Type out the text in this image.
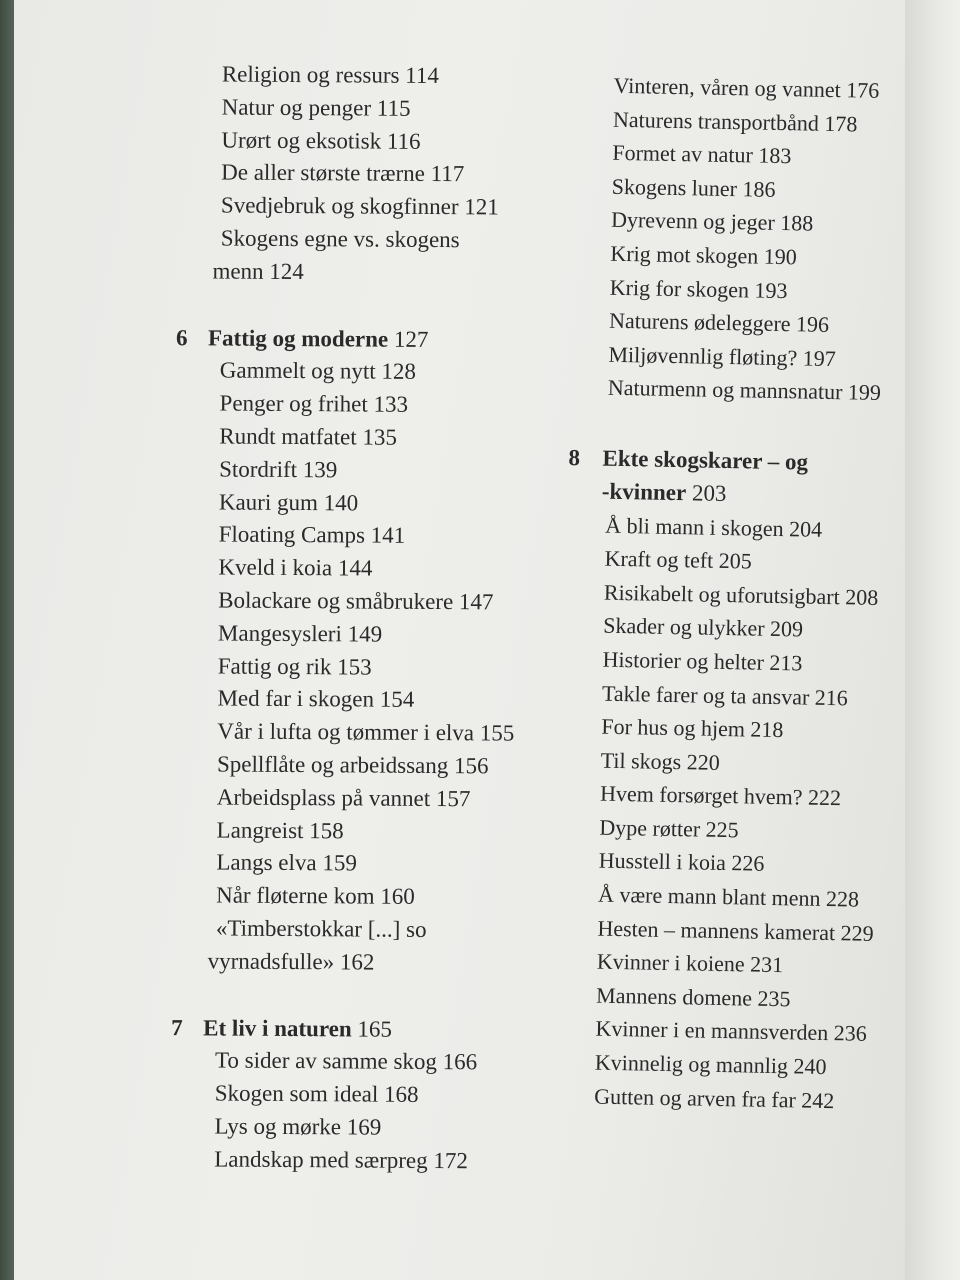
Religion og ressurs 114
Natur og penger 115
Urørt og eksotisk 116
De aller største trærne 117
Svedjebruk og skogfinner 121
Skogens egne vs. skogens
menn 124
6 Fattig og moderne 127
Gammelt og nytt 128
Penger og frihet 133
Rundt matfatet 135
Stordrift 139
Kauri gum 140
Floating Camps 141
Kveld i koia 144
Bolackare og småbrukere 147
Mangesysleri 149
Fattig og rik 153
Med far i skogen 154
Vår i lufta og tømmer i elva 155
Spellflåte og arbeidssang 156
Arbeidsplass på vannet 157
Langreist 158
Langs elva 159
Når fløterne kom 160
«Timberstokkar [...] so
vyrnadsfulle» 162
7 Et liv i naturen 165
To sider av samme skog 166
Skogen som ideal 168
Lys og mørke 169
Landskap med særpreg 172
Vinteren, våren og vannet 176
Naturens transportbånd 178
Formet av natur 183
Skogens luner 186
Dyrevenn og jeger 188
Krig mot skogen 190
Krig for skogen 193
Naturens ødeleggere 196
Miljøvennlig fløting? 197
Naturmenn og mannsnatur 199
8 Ekte skogskarer – og
-kvinner 203
Å bli mann i skogen 204
Kraft og teft 205
Risikabelt og uforutsigbart 208
Skader og ulykker 209
Historier og helter 213
Takle farer og ta ansvar 216
For hus og hjem 218
Til skogs 220
Hvem forsørget hvem? 222
Dype røtter 225
Husstell i koia 226
Å være mann blant menn 228
Hesten – mannens kamerat 229
Kvinner i koiene 231
Mannens domene 235
Kvinner i en mannsverden 236
Kvinnelig og mannlig 240
Gutten og arven fra far 242
